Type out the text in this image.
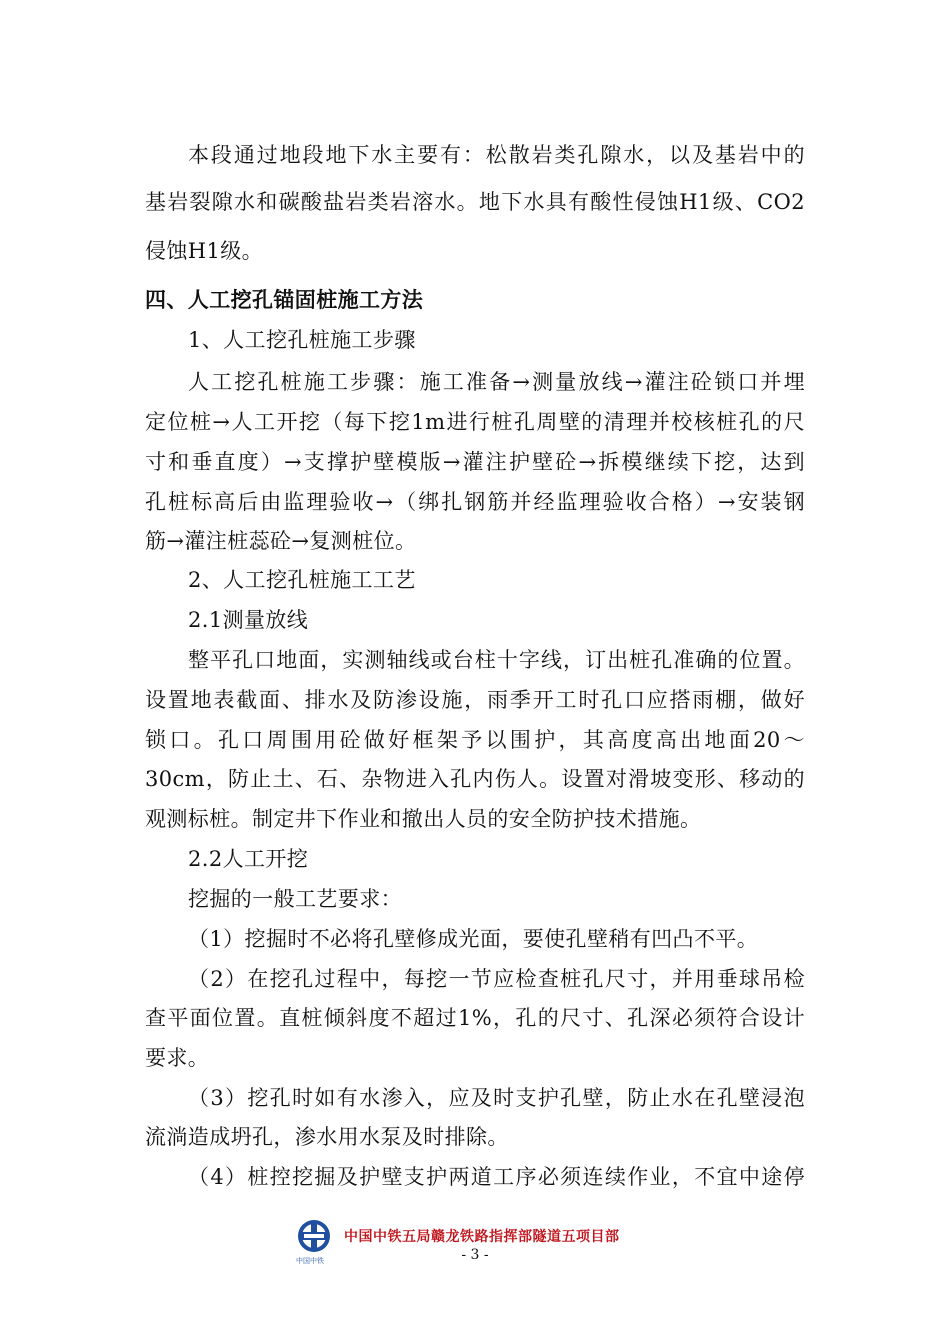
本段通过地段地下水主要有：松散岩类孔隙水，以及基岩中的
基岩裂隙水和碳酸盐岩类岩溶水。地下水具有酸性侵蚀H1级、CO2
侵蚀H1级。
四、人工挖孔锚固桩施工方法
1、人工挖孔桩施工步骤
人工挖孔桩施工步骤：施工准备→测量放线→灌注砼锁口并埋
定位桩→人工开挖（每下挖1m进行桩孔周壁的清理并校核桩孔的尺
寸和垂直度）→支撑护壁模版→灌注护壁砼→拆模继续下挖，达到
孔桩标高后由监理验收→（绑扎钢筋并经监理验收合格）→安装钢
筋→灌注桩蕊砼→复测桩位。
2、人工挖孔桩施工工艺
2.1测量放线
整平孔口地面，实测轴线或台柱十字线，订出桩孔准确的位置。
设置地表截面、排水及防渗设施，雨季开工时孔口应搭雨棚，做好
锁口。孔口周围用砼做好框架予以围护，其高度高出地面20～
30cm，防止土、石、杂物进入孔内伤人。设置对滑坡变形、移动的
观测标桩。制定井下作业和撤出人员的安全防护技术措施。
2.2人工开挖
挖掘的一般工艺要求：
（1）挖掘时不必将孔壁修成光面，要使孔壁稍有凹凸不平。
（2）在挖孔过程中，每挖一节应检查桩孔尺寸，并用垂球吊检
查平面位置。直桩倾斜度不超过1%，孔的尺寸、孔深必须符合设计
要求。
（3）挖孔时如有水渗入，应及时支护孔壁，防止水在孔壁浸泡
流淌造成坍孔，渗水用水泵及时排除。
（4）桩控挖掘及护壁支护两道工序必须连续作业，不宜中途停
中国中铁
中国中铁五局赣龙铁路指挥部隧道五项目部
- 3 -
